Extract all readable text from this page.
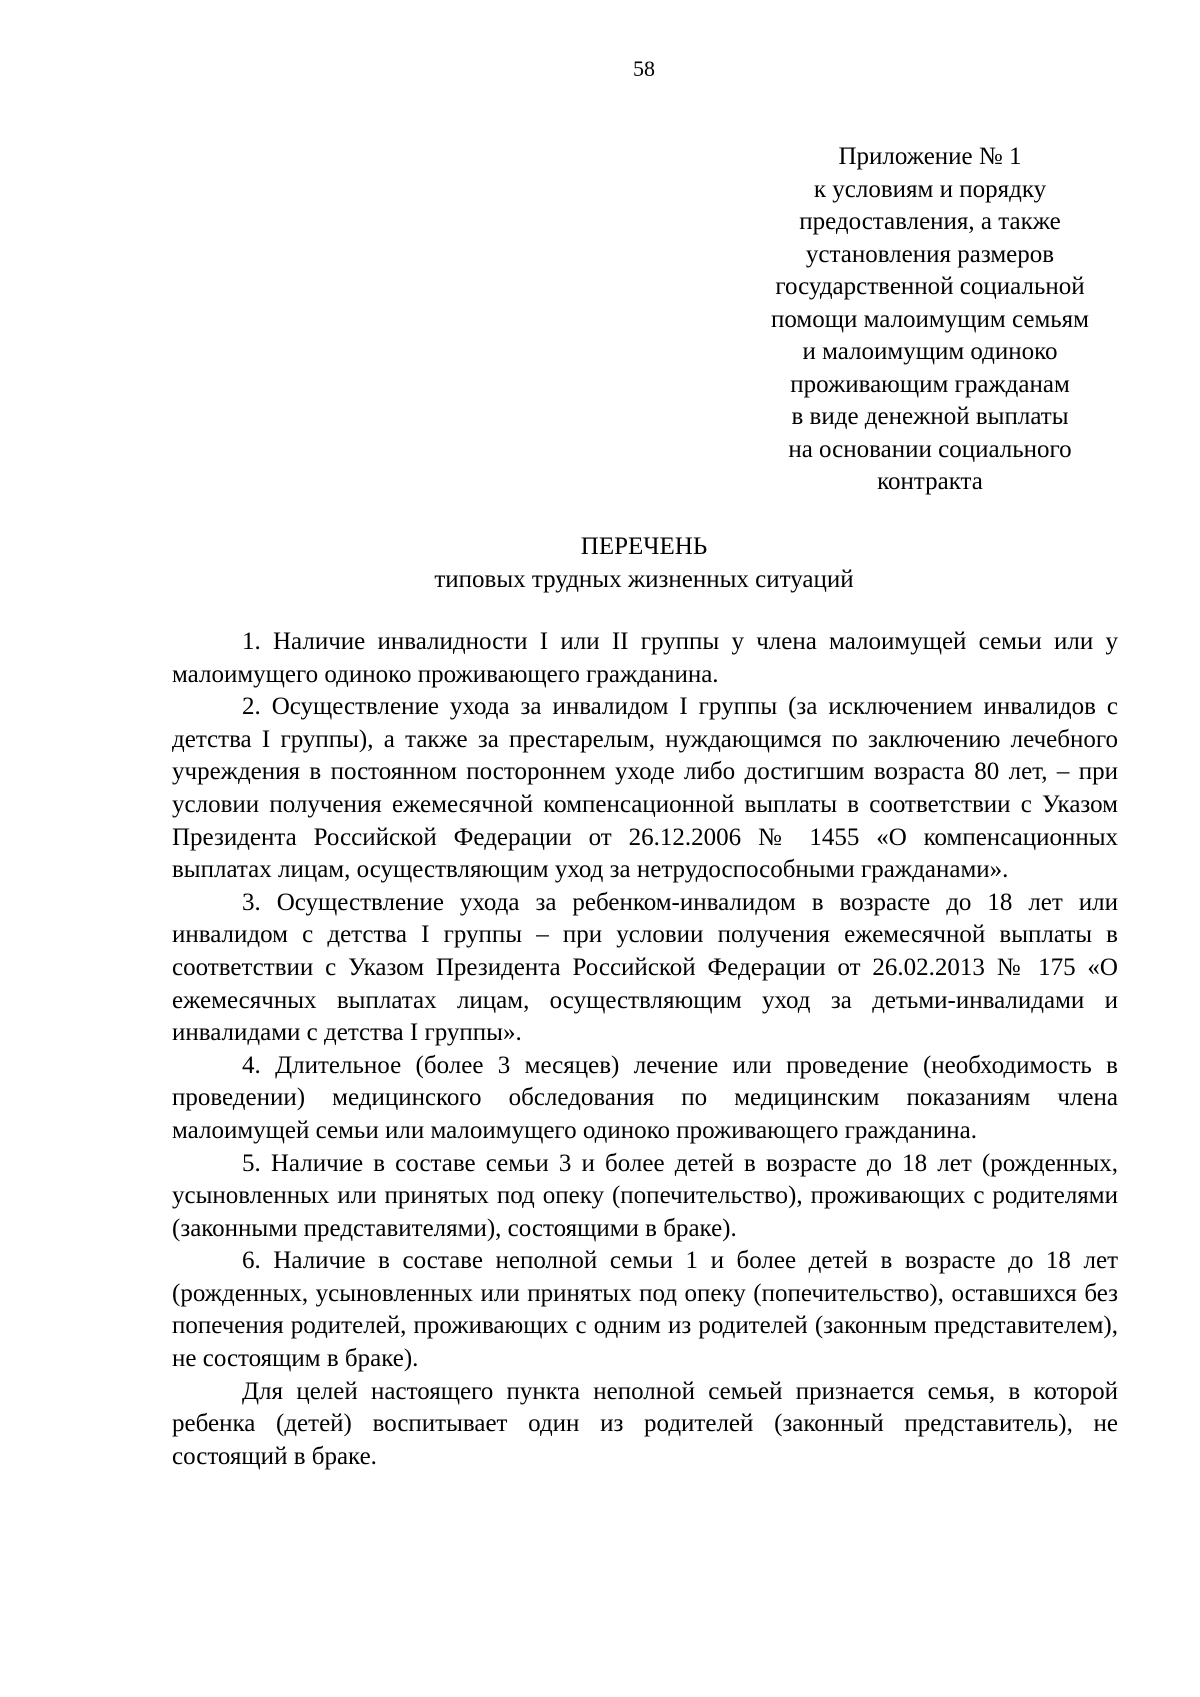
58
Приложение № 1
к условиям и порядку
предоставления, а также
установления размеров
государственной социальной
помощи малоимущим семьям
и малоимущим одиноко
проживающим гражданам
в виде денежной выплаты
на основании социального
контракта
ПЕРЕЧЕНЬ
типовых трудных жизненных ситуаций

1. Наличие инвалидности I или II группы у члена малоимущей семьи или у малоимущего одиноко проживающего гражданина.

2. Осуществление ухода за инвалидом I группы (за исключением инвалидов с детства I группы), а также за престарелым, нуждающимся по заключению лечебного учреждения в постоянном постороннем уходе либо достигшим возраста 80 лет, – при условии получения ежемесячной компенсационной выплаты в соответствии с Указом Президента Российской Федерации от 26.12.2006 № 1455 «О компенсационных выплатах лицам, осуществляющим уход за нетрудоспособными гражданами».

3. Осуществление ухода за ребенком-инвалидом в возрасте до 18 лет или инвалидом с детства I группы – при условии получения ежемесячной выплаты в соответствии с Указом Президента Российской Федерации от 26.02.2013 № 175 «О ежемесячных выплатах лицам, осуществляющим уход за детьми-инвалидами и инвалидами с детства I группы».

4. Длительное (более 3 месяцев) лечение или проведение (необходимость в проведении) медицинского обследования по медицинским показаниям члена малоимущей семьи или малоимущего одиноко проживающего гражданина.

5. Наличие в составе семьи 3 и более детей в возрасте до 18 лет (рожденных, усыновленных или принятых под опеку (попечительство), проживающих с родителями (законными представителями), состоящими в браке).

6. Наличие в составе неполной семьи 1 и более детей в возрасте до 18 лет (рожденных, усыновленных или принятых под опеку (попечительство), оставшихся без попечения родителей, проживающих с одним из родителей (законным представителем), не состоящим в браке).

Для целей настоящего пункта неполной семьей признается семья, в которой ребенка (детей) воспитывает один из родителей (законный представитель), не состоящий в браке.
